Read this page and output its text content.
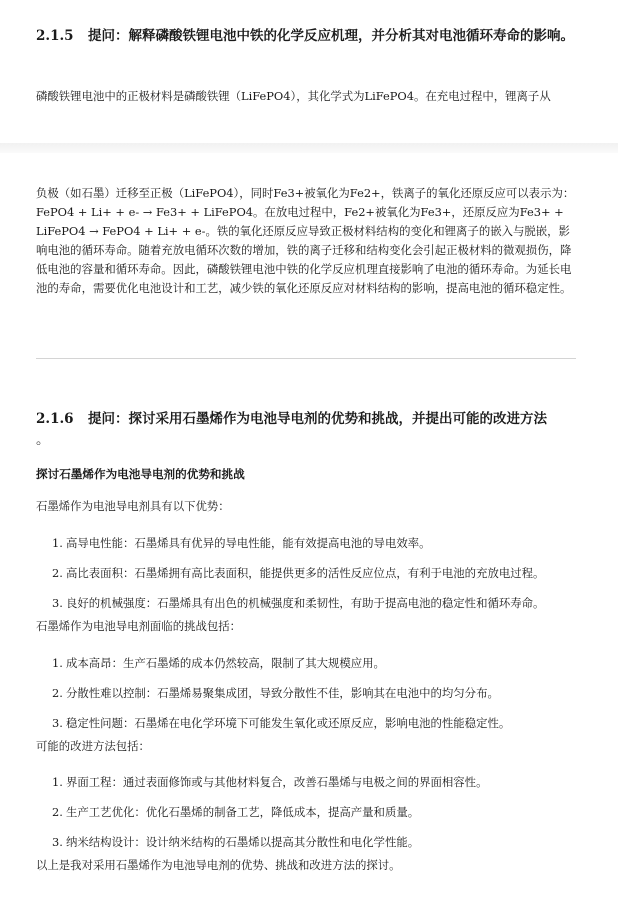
2.1.5 提问：解释磷酸铁锂电池中铁的化学反应机理，并分析其对电池循环寿命的影响。

磷酸铁锂电池中的正极材料是磷酸铁锂（LiFePO4），其化学式为LiFePO4。在充电过程中，锂离子从

负极（如石墨）迁移至正极（LiFePO4），同时Fe3+被氧化为Fe2+，铁离子的氧化还原反应可以表示为：FePO4 + Li+ + e- → Fe3+ + LiFePO4。在放电过程中，Fe2+被氧化为Fe3+，还原反应为Fe3+ + LiFePO4 → FePO4 + Li+ + e-。铁的氧化还原反应导致正极材料结构的变化和锂离子的嵌入与脱嵌，影响电池的循环寿命。随着充放电循环次数的增加，铁的离子迁移和结构变化会引起正极材料的微观损伤，降低电池的容量和循环寿命。因此，磷酸铁锂电池中铁的化学反应机理直接影响了电池的循环寿命。为延长电池的寿命，需要优化电池设计和工艺，减少铁的氧化还原反应对材料结构的影响，提高电池的循环稳定性。

2.1.6 提问：探讨采用石墨烯作为电池导电剂的优势和挑战，并提出可能的改进方法
。

探讨石墨烯作为电池导电剂的优势和挑战

石墨烯作为电池导电剂具有以下优势：

1. 高导电性能：石墨烯具有优异的导电性能，能有效提高电池的导电效率。
2. 高比表面积：石墨烯拥有高比表面积，能提供更多的活性反应位点，有利于电池的充放电过程。
3. 良好的机械强度：石墨烯具有出色的机械强度和柔韧性，有助于提高电池的稳定性和循环寿命。

石墨烯作为电池导电剂面临的挑战包括：

1. 成本高昂：生产石墨烯的成本仍然较高，限制了其大规模应用。
2. 分散性难以控制：石墨烯易聚集成团，导致分散性不佳，影响其在电池中的均匀分布。
3. 稳定性问题：石墨烯在电化学环境下可能发生氧化或还原反应，影响电池的性能稳定性。

可能的改进方法包括：

1. 界面工程：通过表面修饰或与其他材料复合，改善石墨烯与电极之间的界面相容性。
2. 生产工艺优化：优化石墨烯的制备工艺，降低成本，提高产量和质量。
3. 纳米结构设计：设计纳米结构的石墨烯以提高其分散性和电化学性能。

以上是我对采用石墨烯作为电池导电剂的优势、挑战和改进方法的探讨。
